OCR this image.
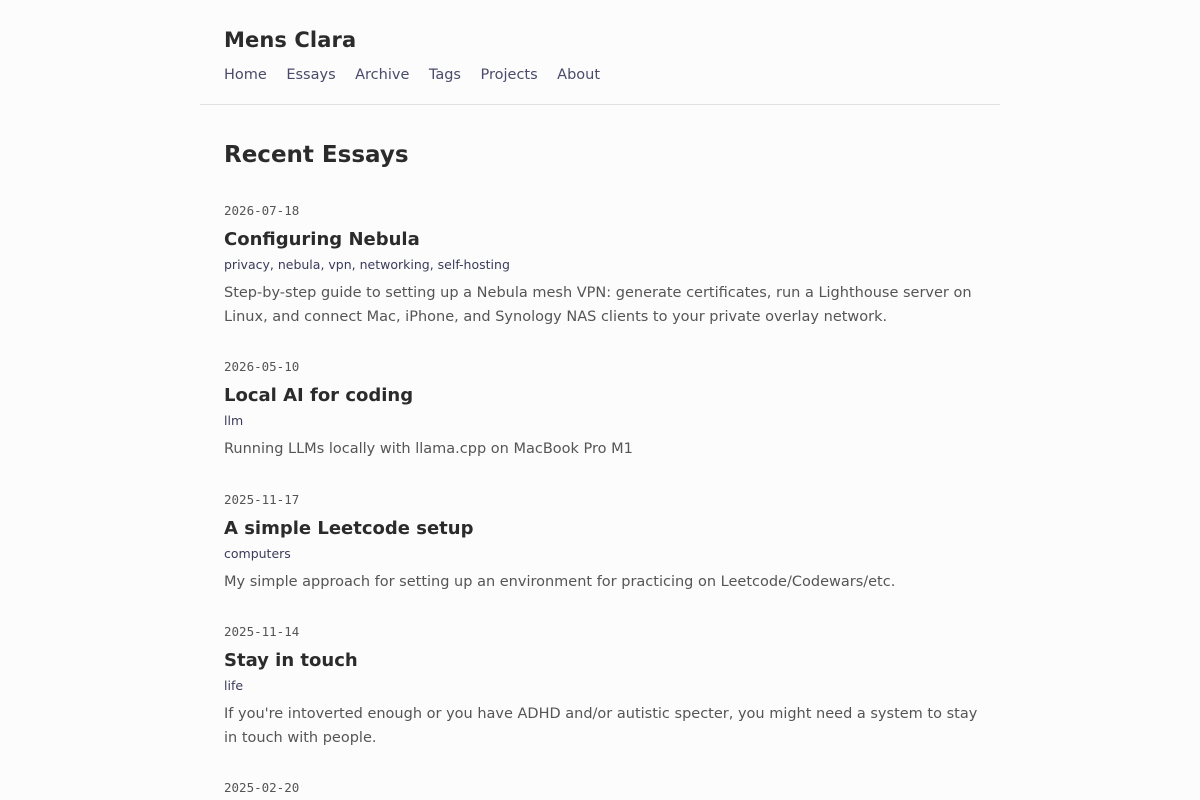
Mens Clara
Home Essays Archive Tags Projects About
Recent Essays
2026-07-18
Configuring Nebula
privacy, nebula, vpn, networking, self-hosting
Step-by-step guide to setting up a Nebula mesh VPN: generate certificates, run a Lighthouse server on Linux, and connect Mac, iPhone, and Synology NAS clients to your private overlay network.
2026-05-10
Local AI for coding
llm
Running LLMs locally with llama.cpp on MacBook Pro M1
2025-11-17
A simple Leetcode setup
computers
My simple approach for setting up an environment for practicing on Leetcode/Codewars/etc.
2025-11-14
Stay in touch
life
If you're intoverted enough or you have ADHD and/or autistic specter, you might need a system to stay in touch with people.
2025-02-20
